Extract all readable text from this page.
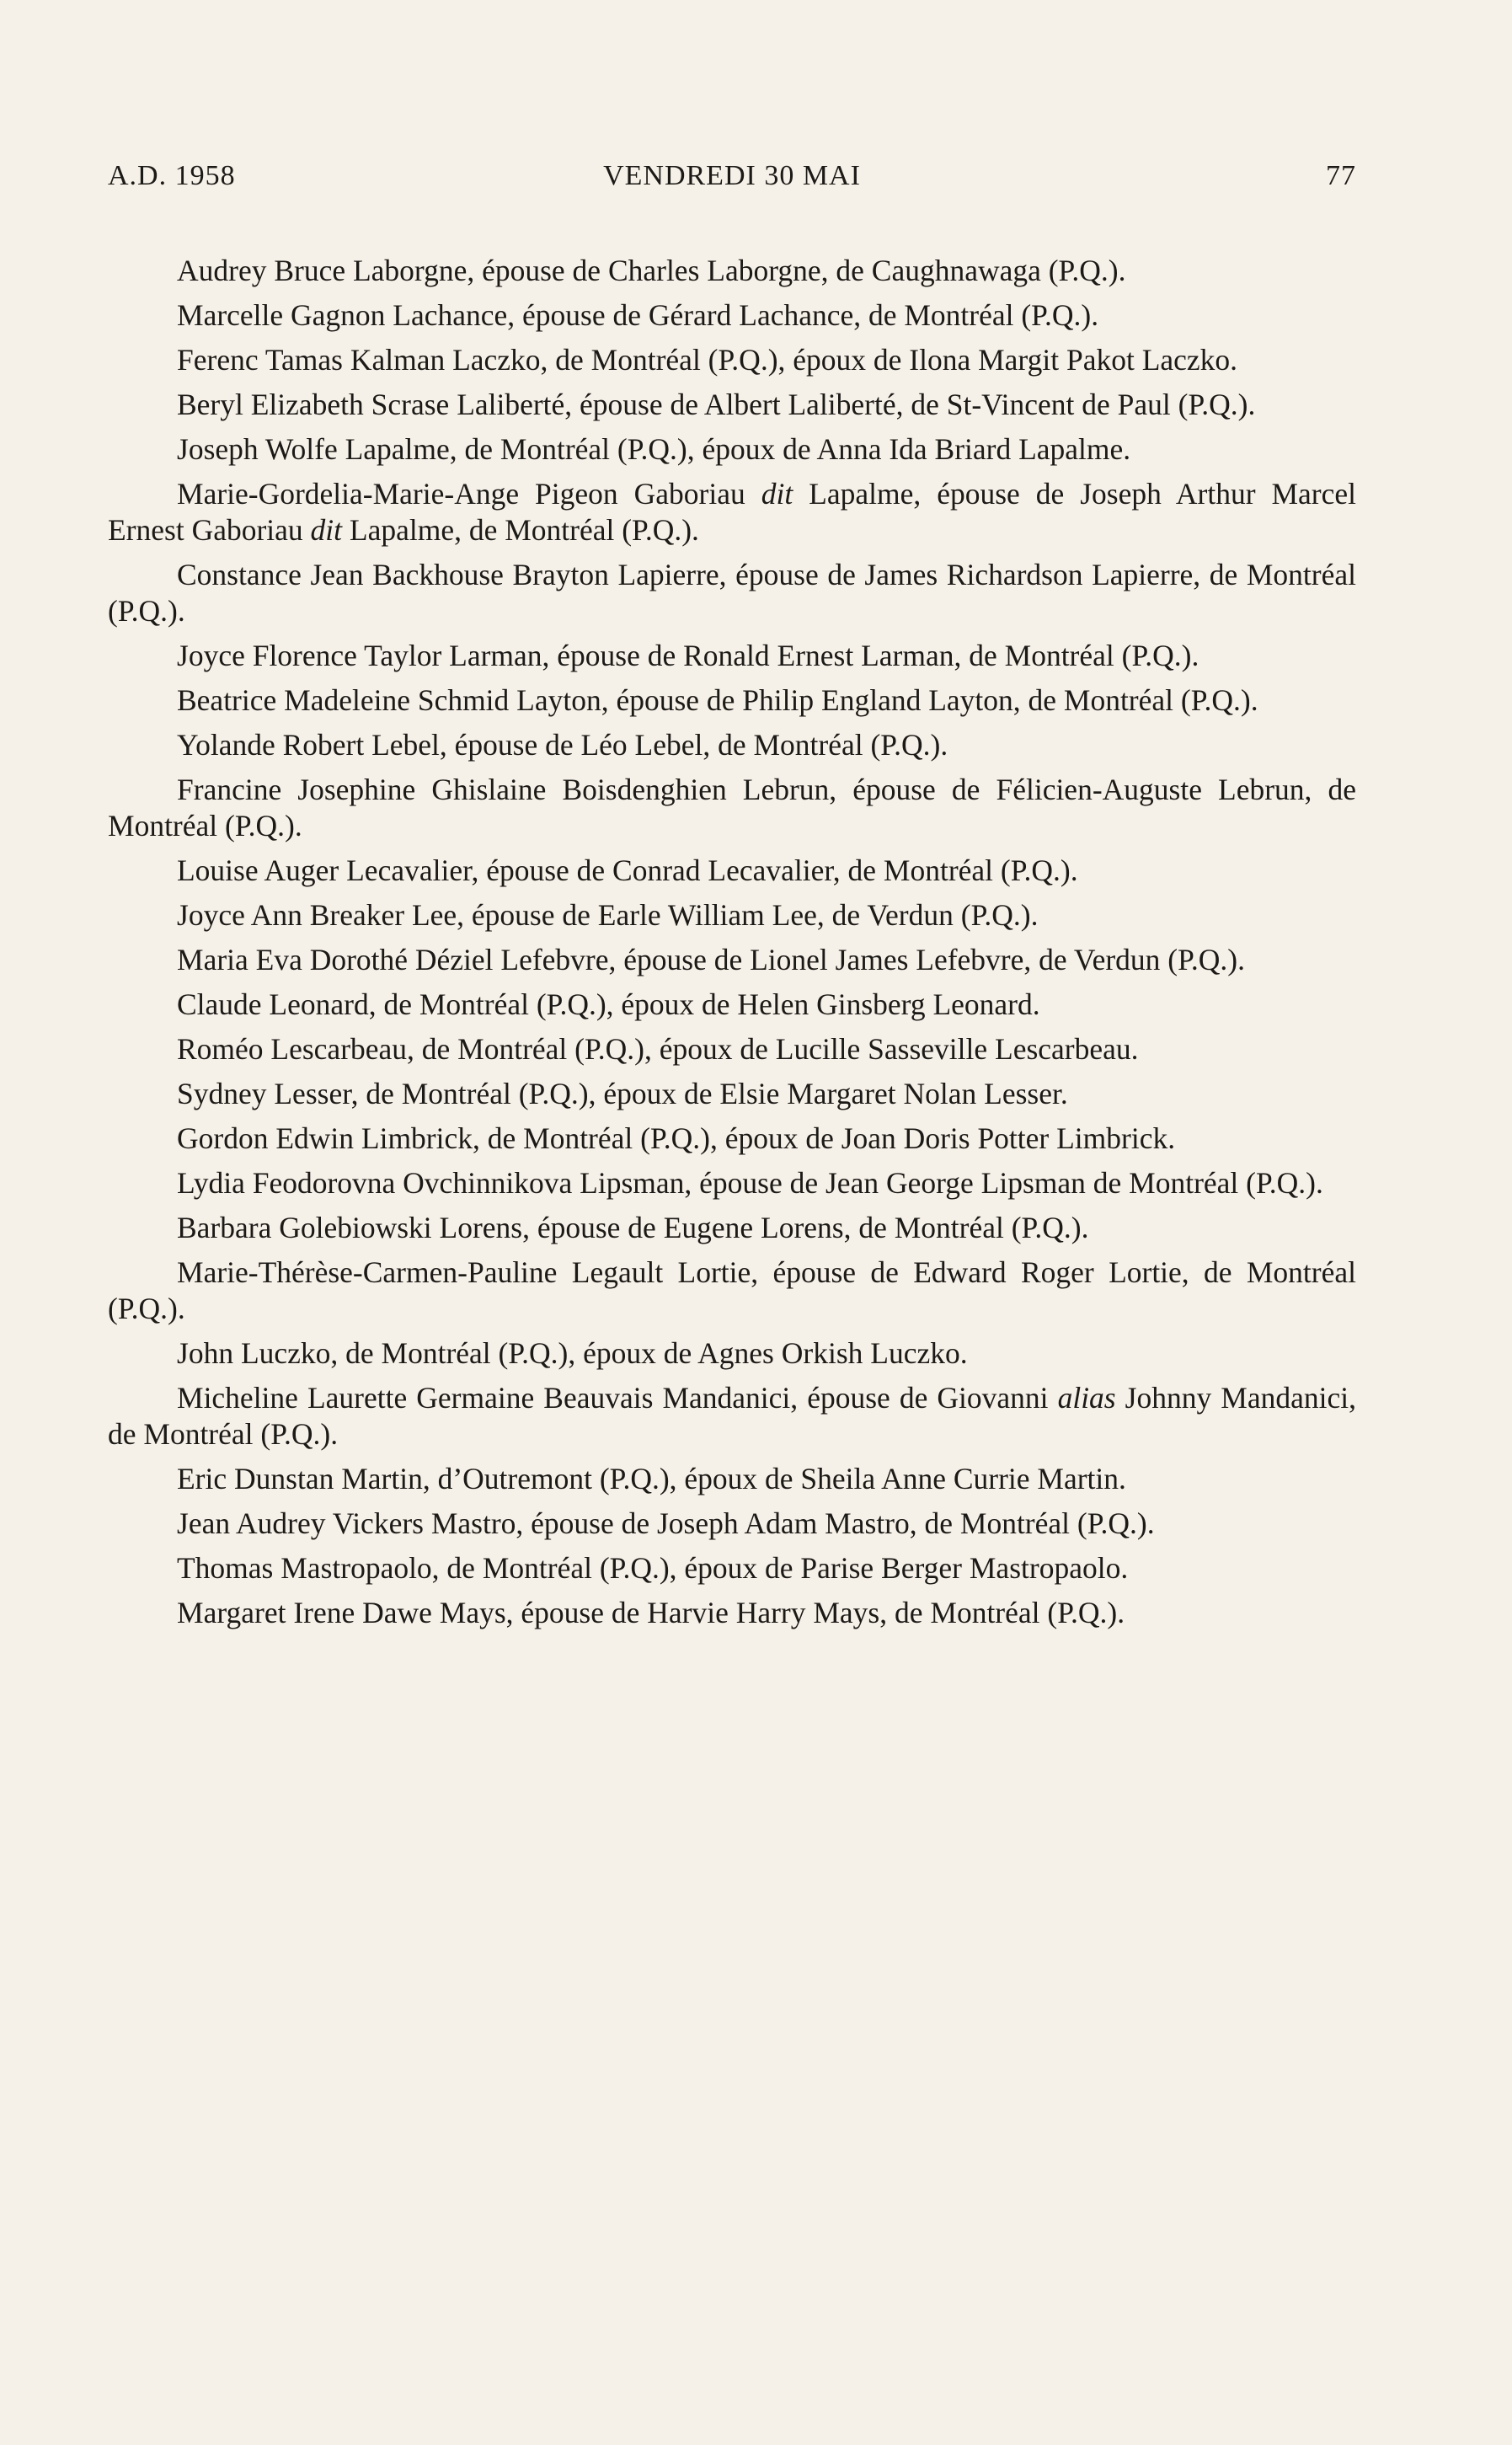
A.D. 1958	VENDREDI 30 MAI	77

Audrey Bruce Laborgne, épouse de Charles Laborgne, de Caughnawaga (P.Q.).

Marcelle Gagnon Lachance, épouse de Gérard Lachance, de Montréal (P.Q.).

Ferenc Tamas Kalman Laczko, de Montréal (P.Q.), époux de Ilona Margit Pakot Laczko.

Beryl Elizabeth Scrase Laliberté, épouse de Albert Laliberté, de St-Vincent de Paul (P.Q.).

Joseph Wolfe Lapalme, de Montréal (P.Q.), époux de Anna Ida Briard Lapalme.

Marie-Gordelia-Marie-Ange Pigeon Gaboriau dit Lapalme, épouse de Joseph Arthur Marcel Ernest Gaboriau dit Lapalme, de Montréal (P.Q.).

Constance Jean Backhouse Brayton Lapierre, épouse de James Richardson Lapierre, de Montréal (P.Q.).

Joyce Florence Taylor Larman, épouse de Ronald Ernest Larman, de Montréal (P.Q.).

Beatrice Madeleine Schmid Layton, épouse de Philip England Layton, de Montréal (P.Q.).

Yolande Robert Lebel, épouse de Léo Lebel, de Montréal (P.Q.).

Francine Josephine Ghislaine Boisdenghien Lebrun, épouse de Félicien-Auguste Lebrun, de Montréal (P.Q.).

Louise Auger Lecavalier, épouse de Conrad Lecavalier, de Montréal (P.Q.).

Joyce Ann Breaker Lee, épouse de Earle William Lee, de Verdun (P.Q.).

Maria Eva Dorothé Déziel Lefebvre, épouse de Lionel James Lefebvre, de Verdun (P.Q.).

Claude Leonard, de Montréal (P.Q.), époux de Helen Ginsberg Leonard.

Roméo Lescarbeau, de Montréal (P.Q.), époux de Lucille Sasseville Lescarbeau.

Sydney Lesser, de Montréal (P.Q.), époux de Elsie Margaret Nolan Lesser.

Gordon Edwin Limbrick, de Montréal (P.Q.), époux de Joan Doris Potter Limbrick.

Lydia Feodorovna Ovchinnikova Lipsman, épouse de Jean George Lipsman de Montréal (P.Q.).

Barbara Golebiowski Lorens, épouse de Eugene Lorens, de Montréal (P.Q.).

Marie-Thérèse-Carmen-Pauline Legault Lortie, épouse de Edward Roger Lortie, de Montréal (P.Q.).

John Luczko, de Montréal (P.Q.), époux de Agnes Orkish Luczko.

Micheline Laurette Germaine Beauvais Mandanici, épouse de Giovanni alias Johnny Mandanici, de Montréal (P.Q.).

Eric Dunstan Martin, d’Outremont (P.Q.), époux de Sheila Anne Currie Martin.

Jean Audrey Vickers Mastro, épouse de Joseph Adam Mastro, de Montréal (P.Q.).

Thomas Mastropaolo, de Montréal (P.Q.), époux de Parise Berger Mastropaolo.

Margaret Irene Dawe Mays, épouse de Harvie Harry Mays, de Montréal (P.Q.).
